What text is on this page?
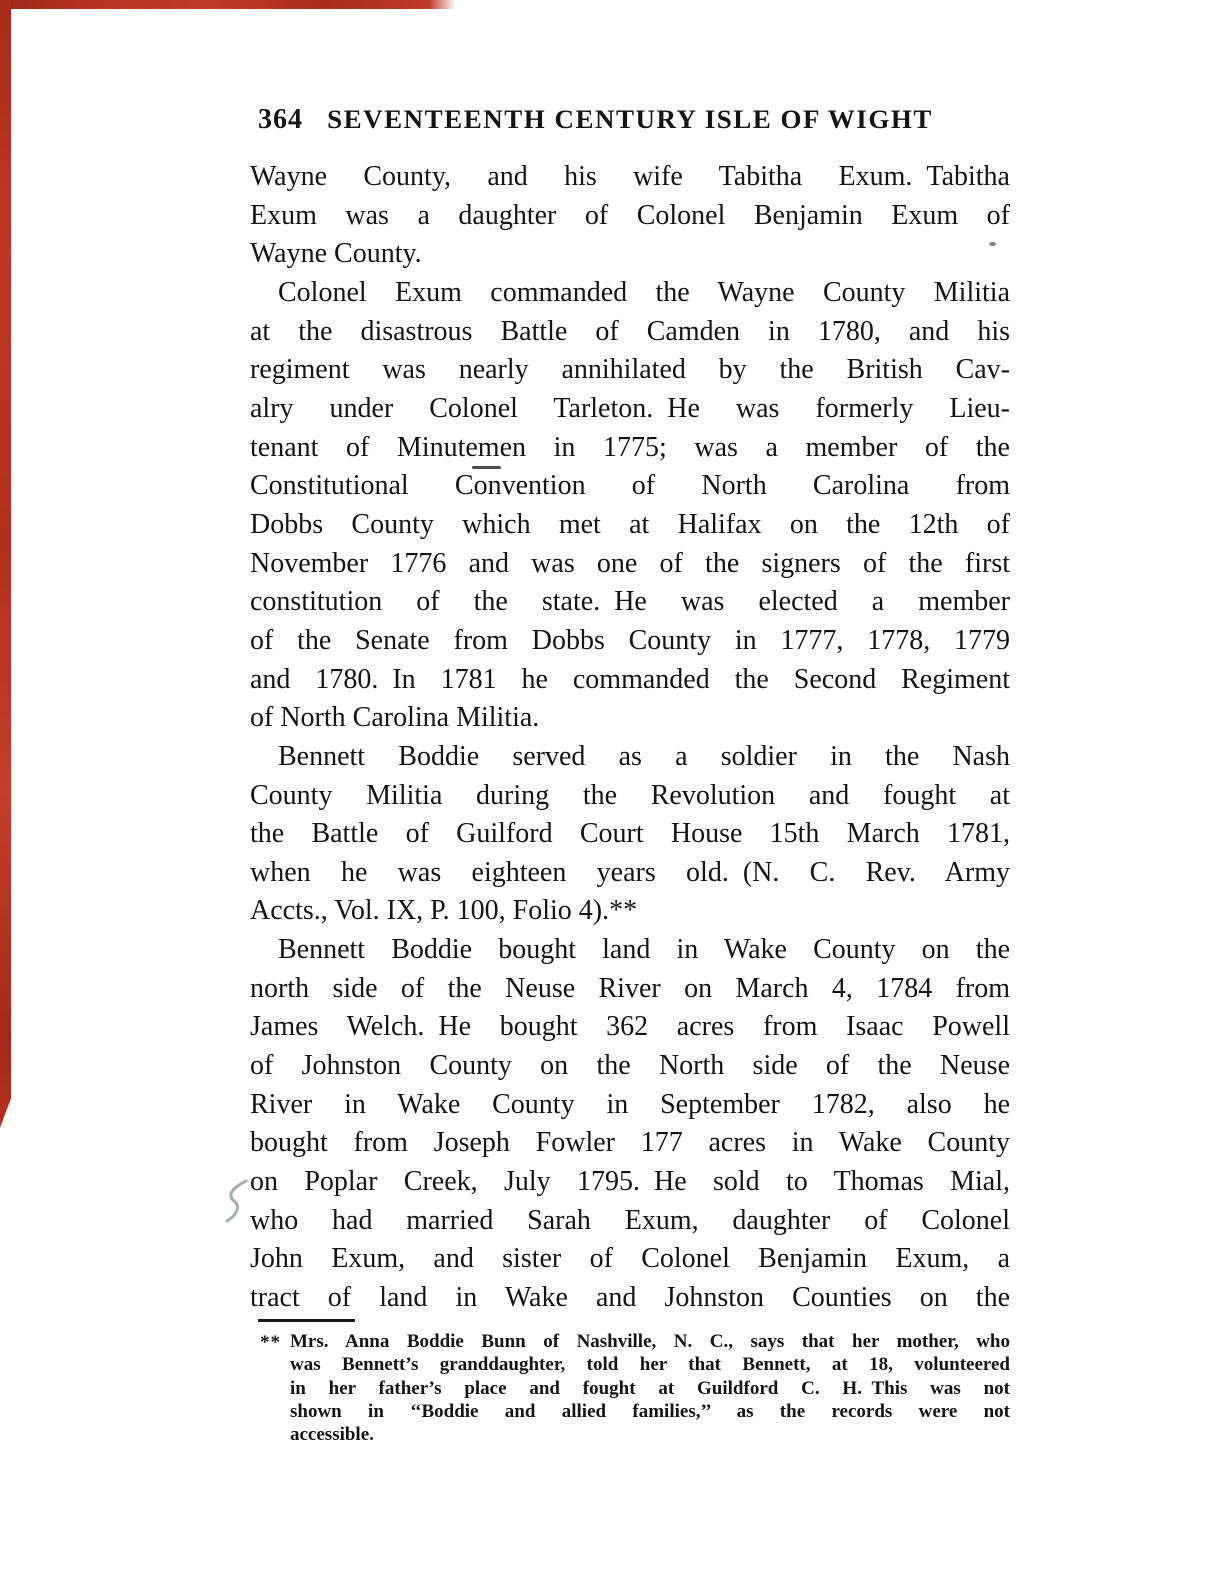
364 SEVENTEENTH CENTURY ISLE OF WIGHT
Wayne County, and his wife Tabitha Exum. Tabitha
Exum was a daughter of Colonel Benjamin Exum of
Wayne County.
Colonel Exum commanded the Wayne County Militia
at the disastrous Battle of Camden in 1780, and his
regiment was nearly annihilated by the British Cav-
alry under Colonel Tarleton. He was formerly Lieu-
tenant of Minutemen in 1775; was a member of the
Constitutional Convention of North Carolina from
Dobbs County which met at Halifax on the 12th of
November 1776 and was one of the signers of the first
constitution of the state. He was elected a member
of the Senate from Dobbs County in 1777, 1778, 1779
and 1780. In 1781 he commanded the Second Regiment
of North Carolina Militia.
Bennett Boddie served as a soldier in the Nash
County Militia during the Revolution and fought at
the Battle of Guilford Court House 15th March 1781,
when he was eighteen years old. (N. C. Rev. Army
Accts., Vol. IX, P. 100, Folio 4).**
Bennett Boddie bought land in Wake County on the
north side of the Neuse River on March 4, 1784 from
James Welch. He bought 362 acres from Isaac Powell
of Johnston County on the North side of the Neuse
River in Wake County in September 1782, also he
bought from Joseph Fowler 177 acres in Wake County
on Poplar Creek, July 1795. He sold to Thomas Mial,
who had married Sarah Exum, daughter of Colonel
John Exum, and sister of Colonel Benjamin Exum, a
tract of land in Wake and Johnston Counties on the
** Mrs. Anna Boddie Bunn of Nashville, N. C., says that her mother, who
was Bennett’s granddaughter, told her that Bennett, at 18, volunteered
in her father’s place and fought at Guildford C. H. This was not
shown in ‘‘Boddie and allied families,’’ as the records were not
accessible.
